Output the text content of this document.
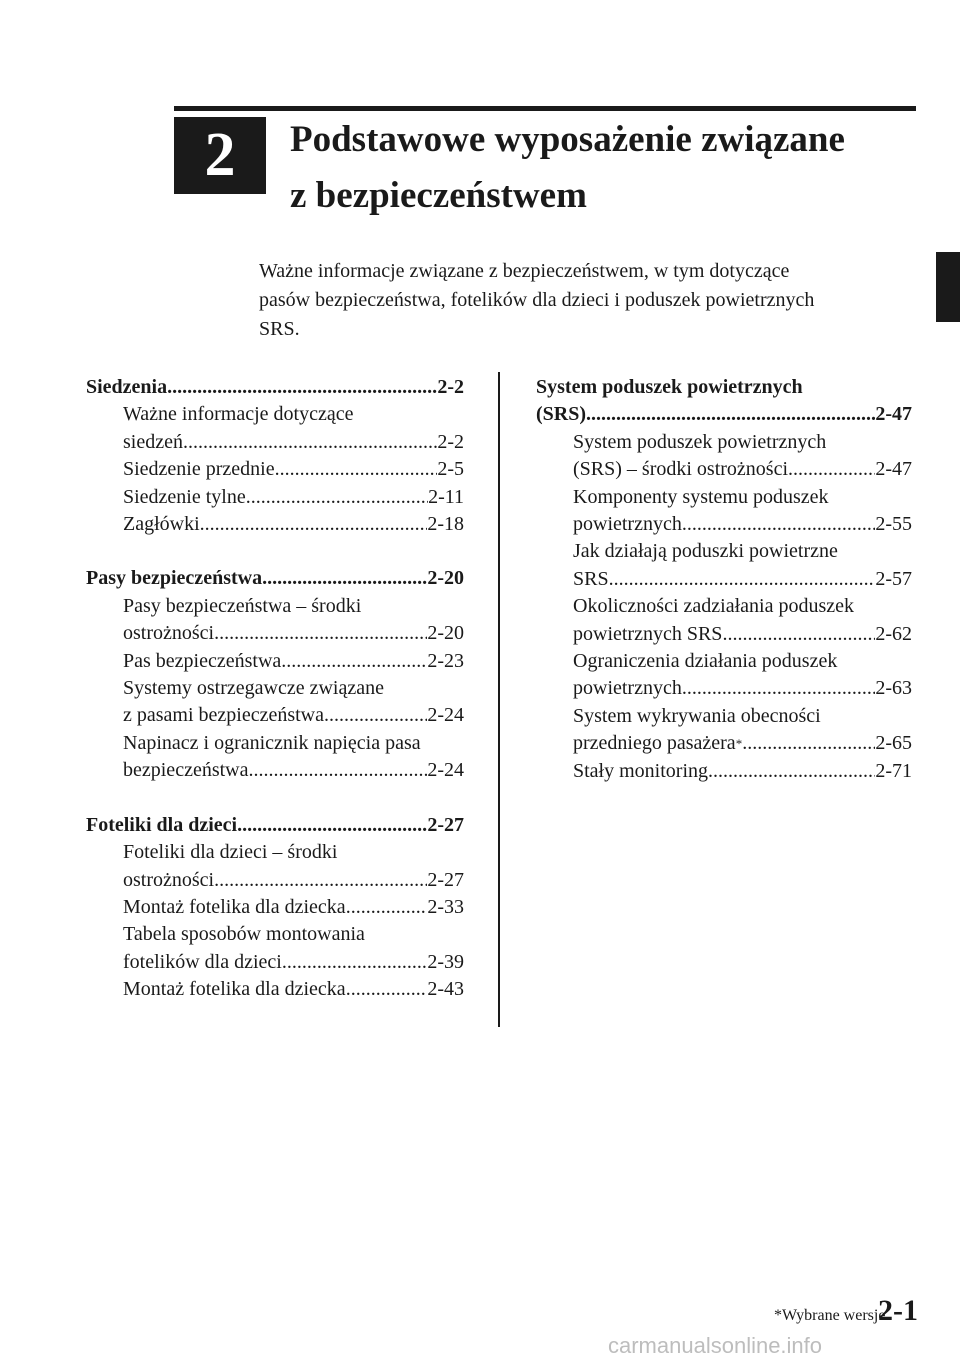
2 Podstawowe wyposażenie związane
z bezpieczeństwem
Ważne informacje związane z bezpieczeństwem, w tym dotyczące
pasów bezpieczeństwa, fotelików dla dzieci i poduszek powietrznych
SRS.
Siedzenia .....	2-2
Ważne informacje dotyczące
siedzeń .....	2-2
Siedzenie przednie .....	2-5
Siedzenie tylne .....	2-11
Zagłówki .....	2-18
Pasy bezpieczeństwa .....	2-20
Pasy bezpieczeństwa – środki
ostrożności .....	2-20
Pas bezpieczeństwa .....	2-23
Systemy ostrzegawcze związane
z pasami bezpieczeństwa .....	2-24
Napinacz i ogranicznik napięcia pasa
bezpieczeństwa .....	2-24
Foteliki dla dzieci .....	2-27
Foteliki dla dzieci – środki
ostrożności .....	2-27
Montaż fotelika dla dziecka .....	2-33
Tabela sposobów montowania
fotelików dla dzieci .....	2-39
Montaż fotelika dla dziecka .....	2-43
System poduszek powietrznych
(SRS) .....	2-47
System poduszek powietrznych
(SRS) – środki ostrożności .....	2-47
Komponenty systemu poduszek
powietrznych .....	2-55
Jak działają poduszki powietrzne
SRS .....	2-57
Okoliczności zadziałania poduszek
powietrznych SRS .....	2-62
Ograniczenia działania poduszek
powietrznych .....	2-63
System wykrywania obecności
przedniego pasażera * .....	2-65
Stały monitoring .....	2-71
*Wybrane wersje.
2-1
carmanualsonline.info
